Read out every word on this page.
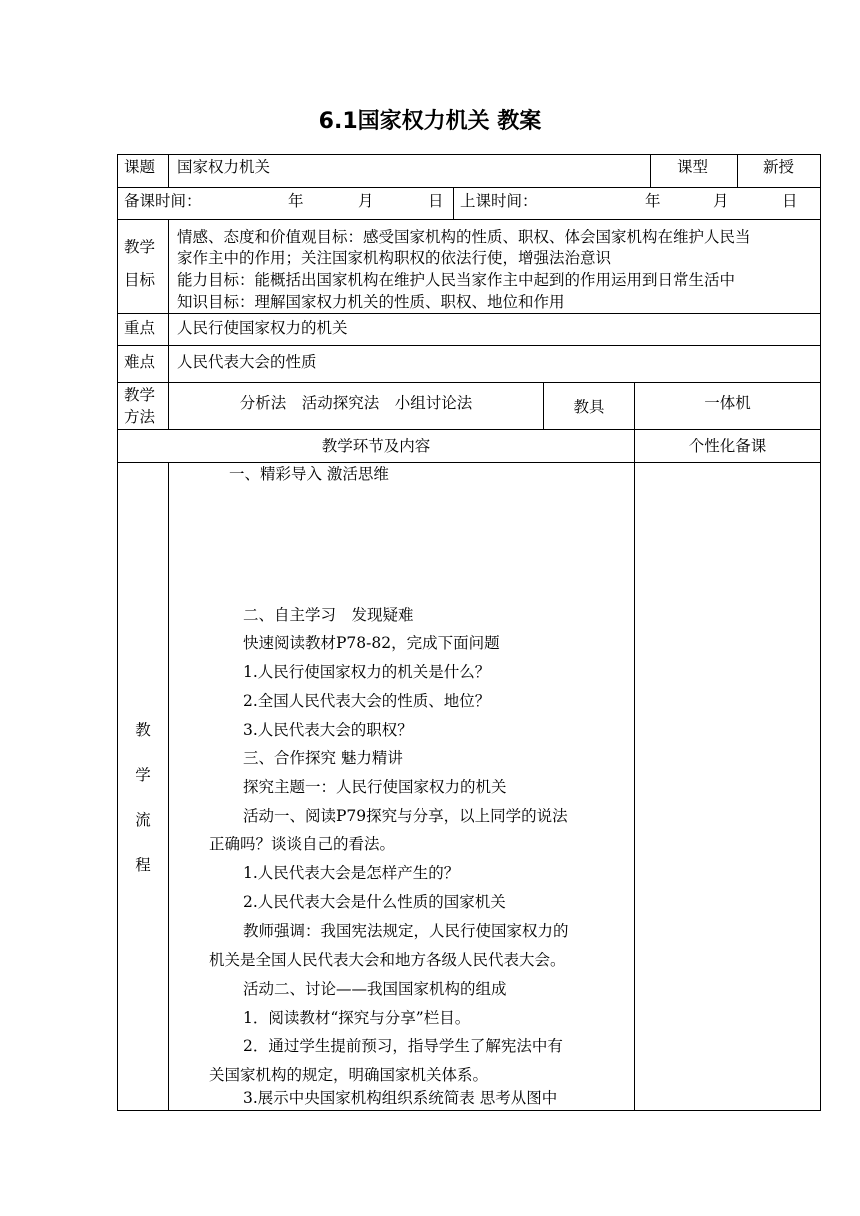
6.1国家权力机关 教案
课题 国家权力机关	课型	新授
备课时间：	年	月	日 上课时间：	年	月	日
教学
目标
情感、态度和价值观目标：感受国家机构的性质、职权、体会国家机构在维护人民当
家作主中的作用；关注国家机构职权的依法行使，增强法治意识
能力目标：能概括出国家机构在维护人民当家作主中起到的作用运用到日常生活中
知识目标：理解国家权力机关的性质、职权、地位和作用
重点 人民行使国家权力的机关
难点 人民代表大会的性质
教学
方法
分析法　活动探究法　小组讨论法	教具	一体机
教学环节及内容	个性化备课
教
学
流
程
一、精彩导入 激活思维
二、自主学习　发现疑难
快速阅读教材P78-82，完成下面问题
1.人民行使国家权力的机关是什么？
2.全国人民代表大会的性质、地位？
3.人民代表大会的职权？
三、合作探究 魅力精讲
探究主题一：人民行使国家权力的机关
活动一、阅读P79探究与分享，以上同学的说法
正确吗？谈谈自己的看法。
1.人民代表大会是怎样产生的？
2.人民代表大会是什么性质的国家机关
教师强调：我国宪法规定，人民行使国家权力的
机关是全国人民代表大会和地方各级人民代表大会。
活动二、讨论——我国国家机构的组成
1．阅读教材“探究与分享”栏目。
2．通过学生提前预习，指导学生了解宪法中有
关国家机构的规定，明确国家机关体系。
3.展示中央国家机构组织系统简表 思考从图中
